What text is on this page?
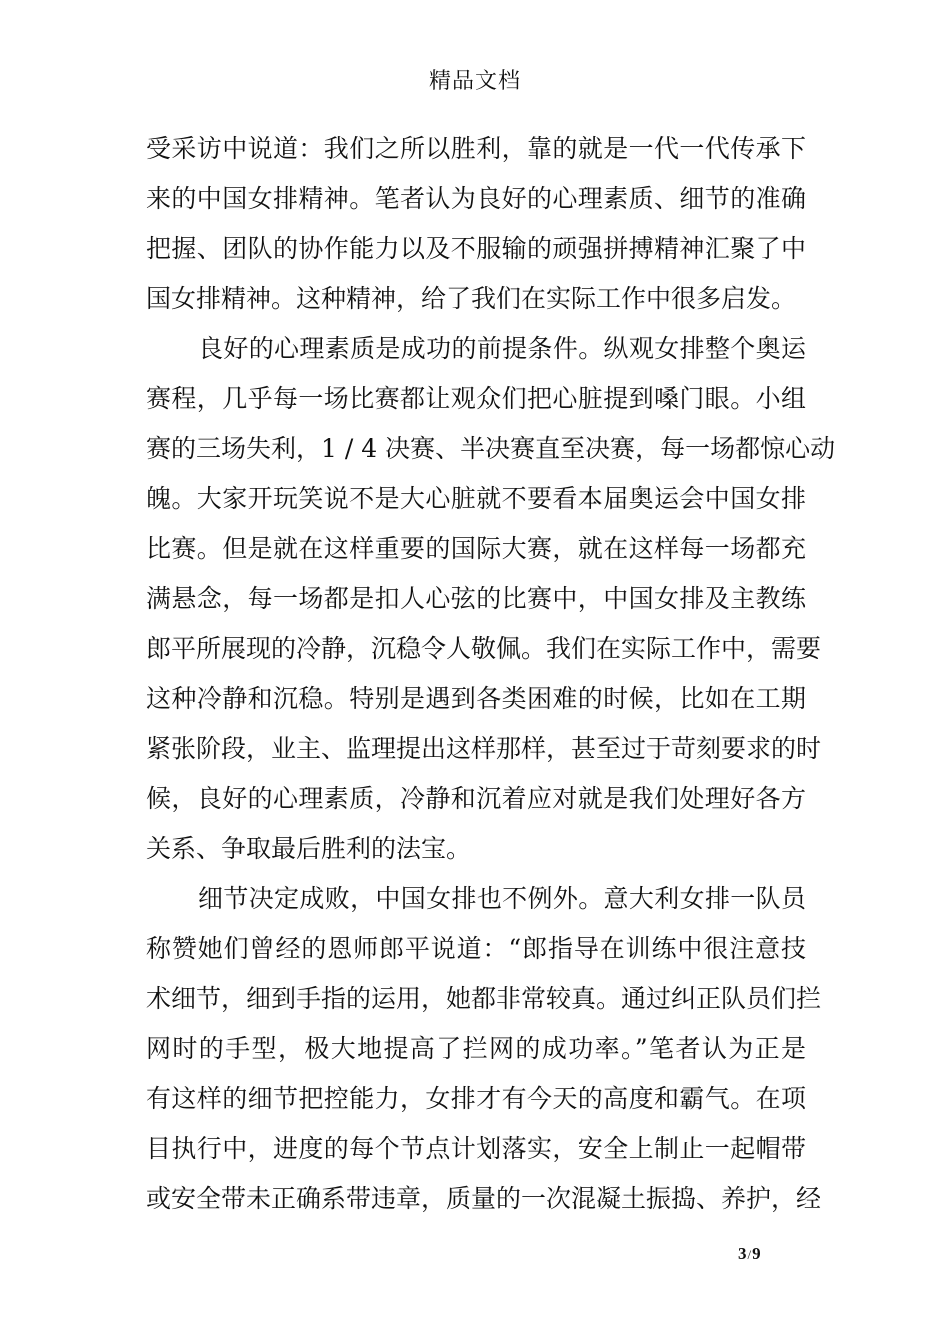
精品文档
受采访中说道：我们之所以胜利，靠的就是一代一代传承下
来的中国女排精神。笔者认为良好的心理素质、细节的准确
把握、团队的协作能力以及不服输的顽强拼搏精神汇聚了中
国女排精神。这种精神，给了我们在实际工作中很多启发。
良好的心理素质是成功的前提条件。纵观女排整个奥运
赛程，几乎每一场比赛都让观众们把心脏提到嗓门眼。小组
赛的三场失利，1 / 4 决赛、半决赛直至决赛，每一场都惊心动
魄。大家开玩笑说不是大心脏就不要看本届奥运会中国女排
比赛。但是就在这样重要的国际大赛，就在这样每一场都充
满悬念，每一场都是扣人心弦的比赛中，中国女排及主教练
郎平所展现的冷静，沉稳令人敬佩。我们在实际工作中，需要
这种冷静和沉稳。特别是遇到各类困难的时候，比如在工期
紧张阶段，业主、监理提出这样那样，甚至过于苛刻要求的时
候，良好的心理素质，冷静和沉着应对就是我们处理好各方
关系、争取最后胜利的法宝。
细节决定成败，中国女排也不例外。意大利女排一队员
称赞她们曾经的恩师郎平说道：“郎指导在训练中很注意技
术细节，细到手指的运用，她都非常较真。通过纠正队员们拦
网时的手型，极大地提高了拦网的成功率。”笔者认为正是
有这样的细节把控能力，女排才有今天的高度和霸气。在项
目执行中，进度的每个节点计划落实，安全上制止一起帽带
或安全带未正确系带违章，质量的一次混凝土振捣、养护，经
3/9
